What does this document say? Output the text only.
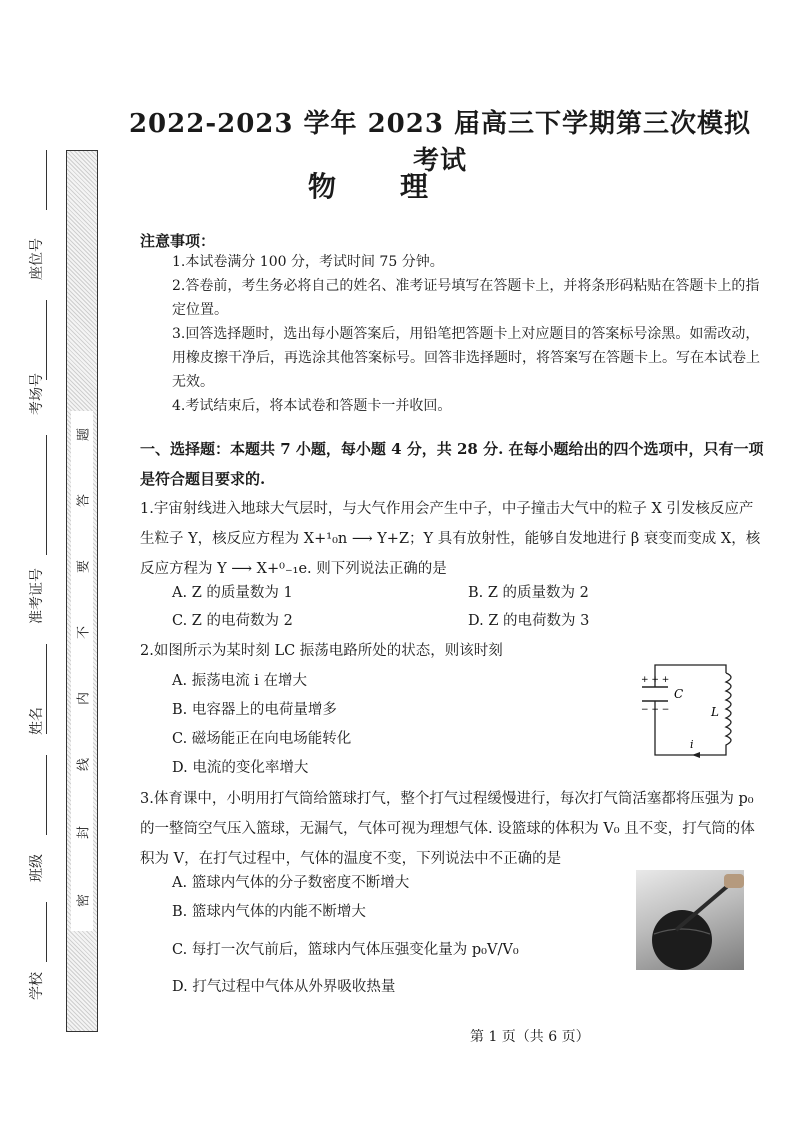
座位号
考场号
准考证号
姓名
班级
学校
密
封
线
内
不
要
答
题
2022-2023 学年 2023 届高三下学期第三次模拟考试
物理
注意事项：
1.本试卷满分 100 分，考试时间 75 分钟。
2.答卷前，考生务必将自己的姓名、准考证号填写在答题卡上，并将条形码粘贴在答题卡上的指定位置。
3.回答选择题时，选出每小题答案后，用铅笔把答题卡上对应题目的答案标号涂黑。如需改动，用橡皮擦干净后，再选涂其他答案标号。回答非选择题时，将答案写在答题卡上。写在本试卷上无效。
4.考试结束后，将本试卷和答题卡一并收回。
一、选择题：本题共 7 小题，每小题 4 分，共 28 分. 在每小题给出的四个选项中，只有一项是符合题目要求的.
1.宇宙射线进入地球大气层时，与大气作用会产生中子，中子撞击大气中的粒子 X 引发核反应产生粒子 Y，核反应方程为 X+¹₀n ⟶ Y+Z；Y 具有放射性，能够自发地进行 β 衰变而变成 X，核反应方程为 Y ⟶ X+⁰₋₁e. 则下列说法正确的是
A. Z 的质量数为 1	B. Z 的质量数为 2
C. Z 的电荷数为 2	D. Z 的电荷数为 3
2.如图所示为某时刻 LC 振荡电路所处的状态，则该时刻
A. 振荡电流 i 在增大
B. 电容器上的电荷量增多
C. 磁场能正在向电场能转化
D. 电流的变化率增大
+ + +
− − −
C
L
i
3.体育课中，小明用打气筒给篮球打气，整个打气过程缓慢进行，每次打气筒活塞都将压强为 p₀ 的一整筒空气压入篮球，无漏气，气体可视为理想气体. 设篮球的体积为 V₀ 且不变，打气筒的体积为 V，在打气过程中，气体的温度不变，下列说法中不正确的是
A. 篮球内气体的分子数密度不断增大
B. 篮球内气体的内能不断增大
C. 每打一次气前后，篮球内气体压强变化量为 p₀V/V₀
D. 打气过程中气体从外界吸收热量
第 1 页（共 6 页）
